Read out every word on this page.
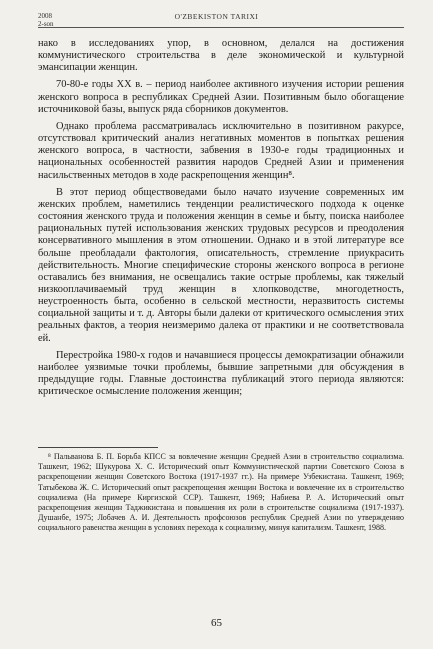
2008
2-son
O'ZBEKISTON TARIXI

нако в исследованиях упор, в основном, делался на достижения коммунистического строительства в деле экономической и культурной эмансипации женщин.

70-80-е годы XX в. – период наиболее активного изучения истории решения женского вопроса в республиках Средней Азии. Позитивным было обогащение источниковой базы, выпуск ряда сборников документов.

Однако проблема рассматривалась исключительно в позитивном ракурсе, отсутствовал критический анализ негативных моментов в попытках решения женского вопроса, в частности, забвения в 1930-е годы традиционных и национальных особенностей развития народов Средней Азии и применения насильственных методов в ходе раскрепощения женщин⁸.

В этот период обществоведами было начато изучение современных им женских проблем, наметились тенденции реалистического подхода к оценке состояния женского труда и положения женщин в семье и быту, поиска наиболее рациональных путей использования женских трудовых ресурсов и преодоления консервативного мышления в этом отношении. Однако и в этой литературе все больше преобладали фактология, описательность, стремление приукрасить действительность. Многие специфические стороны женского вопроса в регионе оставались без внимания, не освещались такие острые проблемы, как тяжелый низкооплачиваемый труд женщин в хлопководстве, многодетность, неустроенность быта, особенно в сельской местности, неразвитость системы социальной защиты и т. д. Авторы были далеки от критического осмысления этих реальных фактов, а теория неизмеримо далека от практики и не соответствовала ей.

Перестройка 1980-х годов и начавшиеся процессы демократизации обнажили наиболее уязвимые точки проблемы, бывшие запретными для обсуждения в предыдущие годы. Главные достоинства публикаций этого периода являются: критическое осмысление положения женщин;

⁸ Пальванова Б. П. Борьба КПСС за вовлечение женщин Средней Азии в строительство социализма. Ташкент, 1962; Шукурова Х. С. Исторический опыт Коммунистической партии Советского Союза в раскрепощении женщин Советского Востока (1917-1937 гг.). На примере Узбекистана. Ташкент, 1969; Татыбекова Ж. С. Исторический опыт раскрепощения женщин Востока и вовлечение их в строительство социализма (На примере Киргизской ССР). Ташкент, 1969; Набиева Р. А. Исторический опыт раскрепощения женщин Таджикистана и повышения их роли в строительстве социализма (1917-1937). Душанбе, 1975; Лобачев А. И. Деятельность профсоюзов республик Средней Азии по утверждению социального равенства женщин в условиях перехода к социализму, минуя капитализм. Ташкент, 1988.

65
